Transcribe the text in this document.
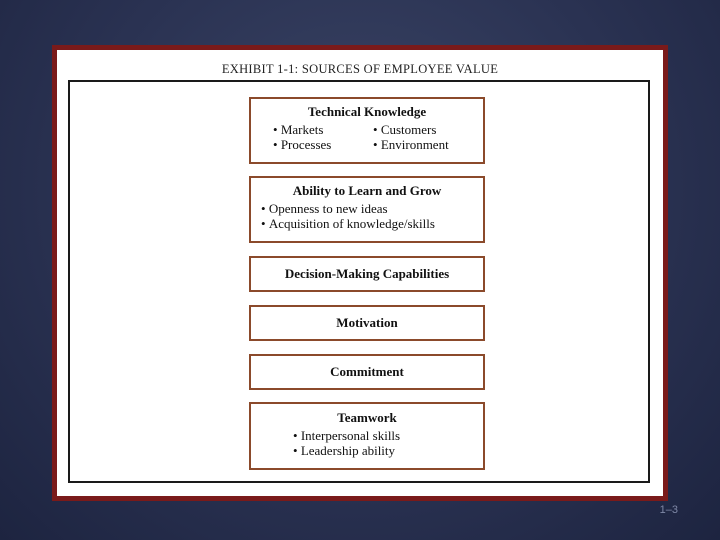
EXHIBIT 1-1: SOURCES OF EMPLOYEE VALUE
Technical Knowledge
• Markets	• Customers
• Processes	• Environment
Ability to Learn and Grow
• Openness to new ideas
• Acquisition of knowledge/skills
Decision-Making Capabilities
Motivation
Commitment
Teamwork
• Interpersonal skills
• Leadership ability
1–3
